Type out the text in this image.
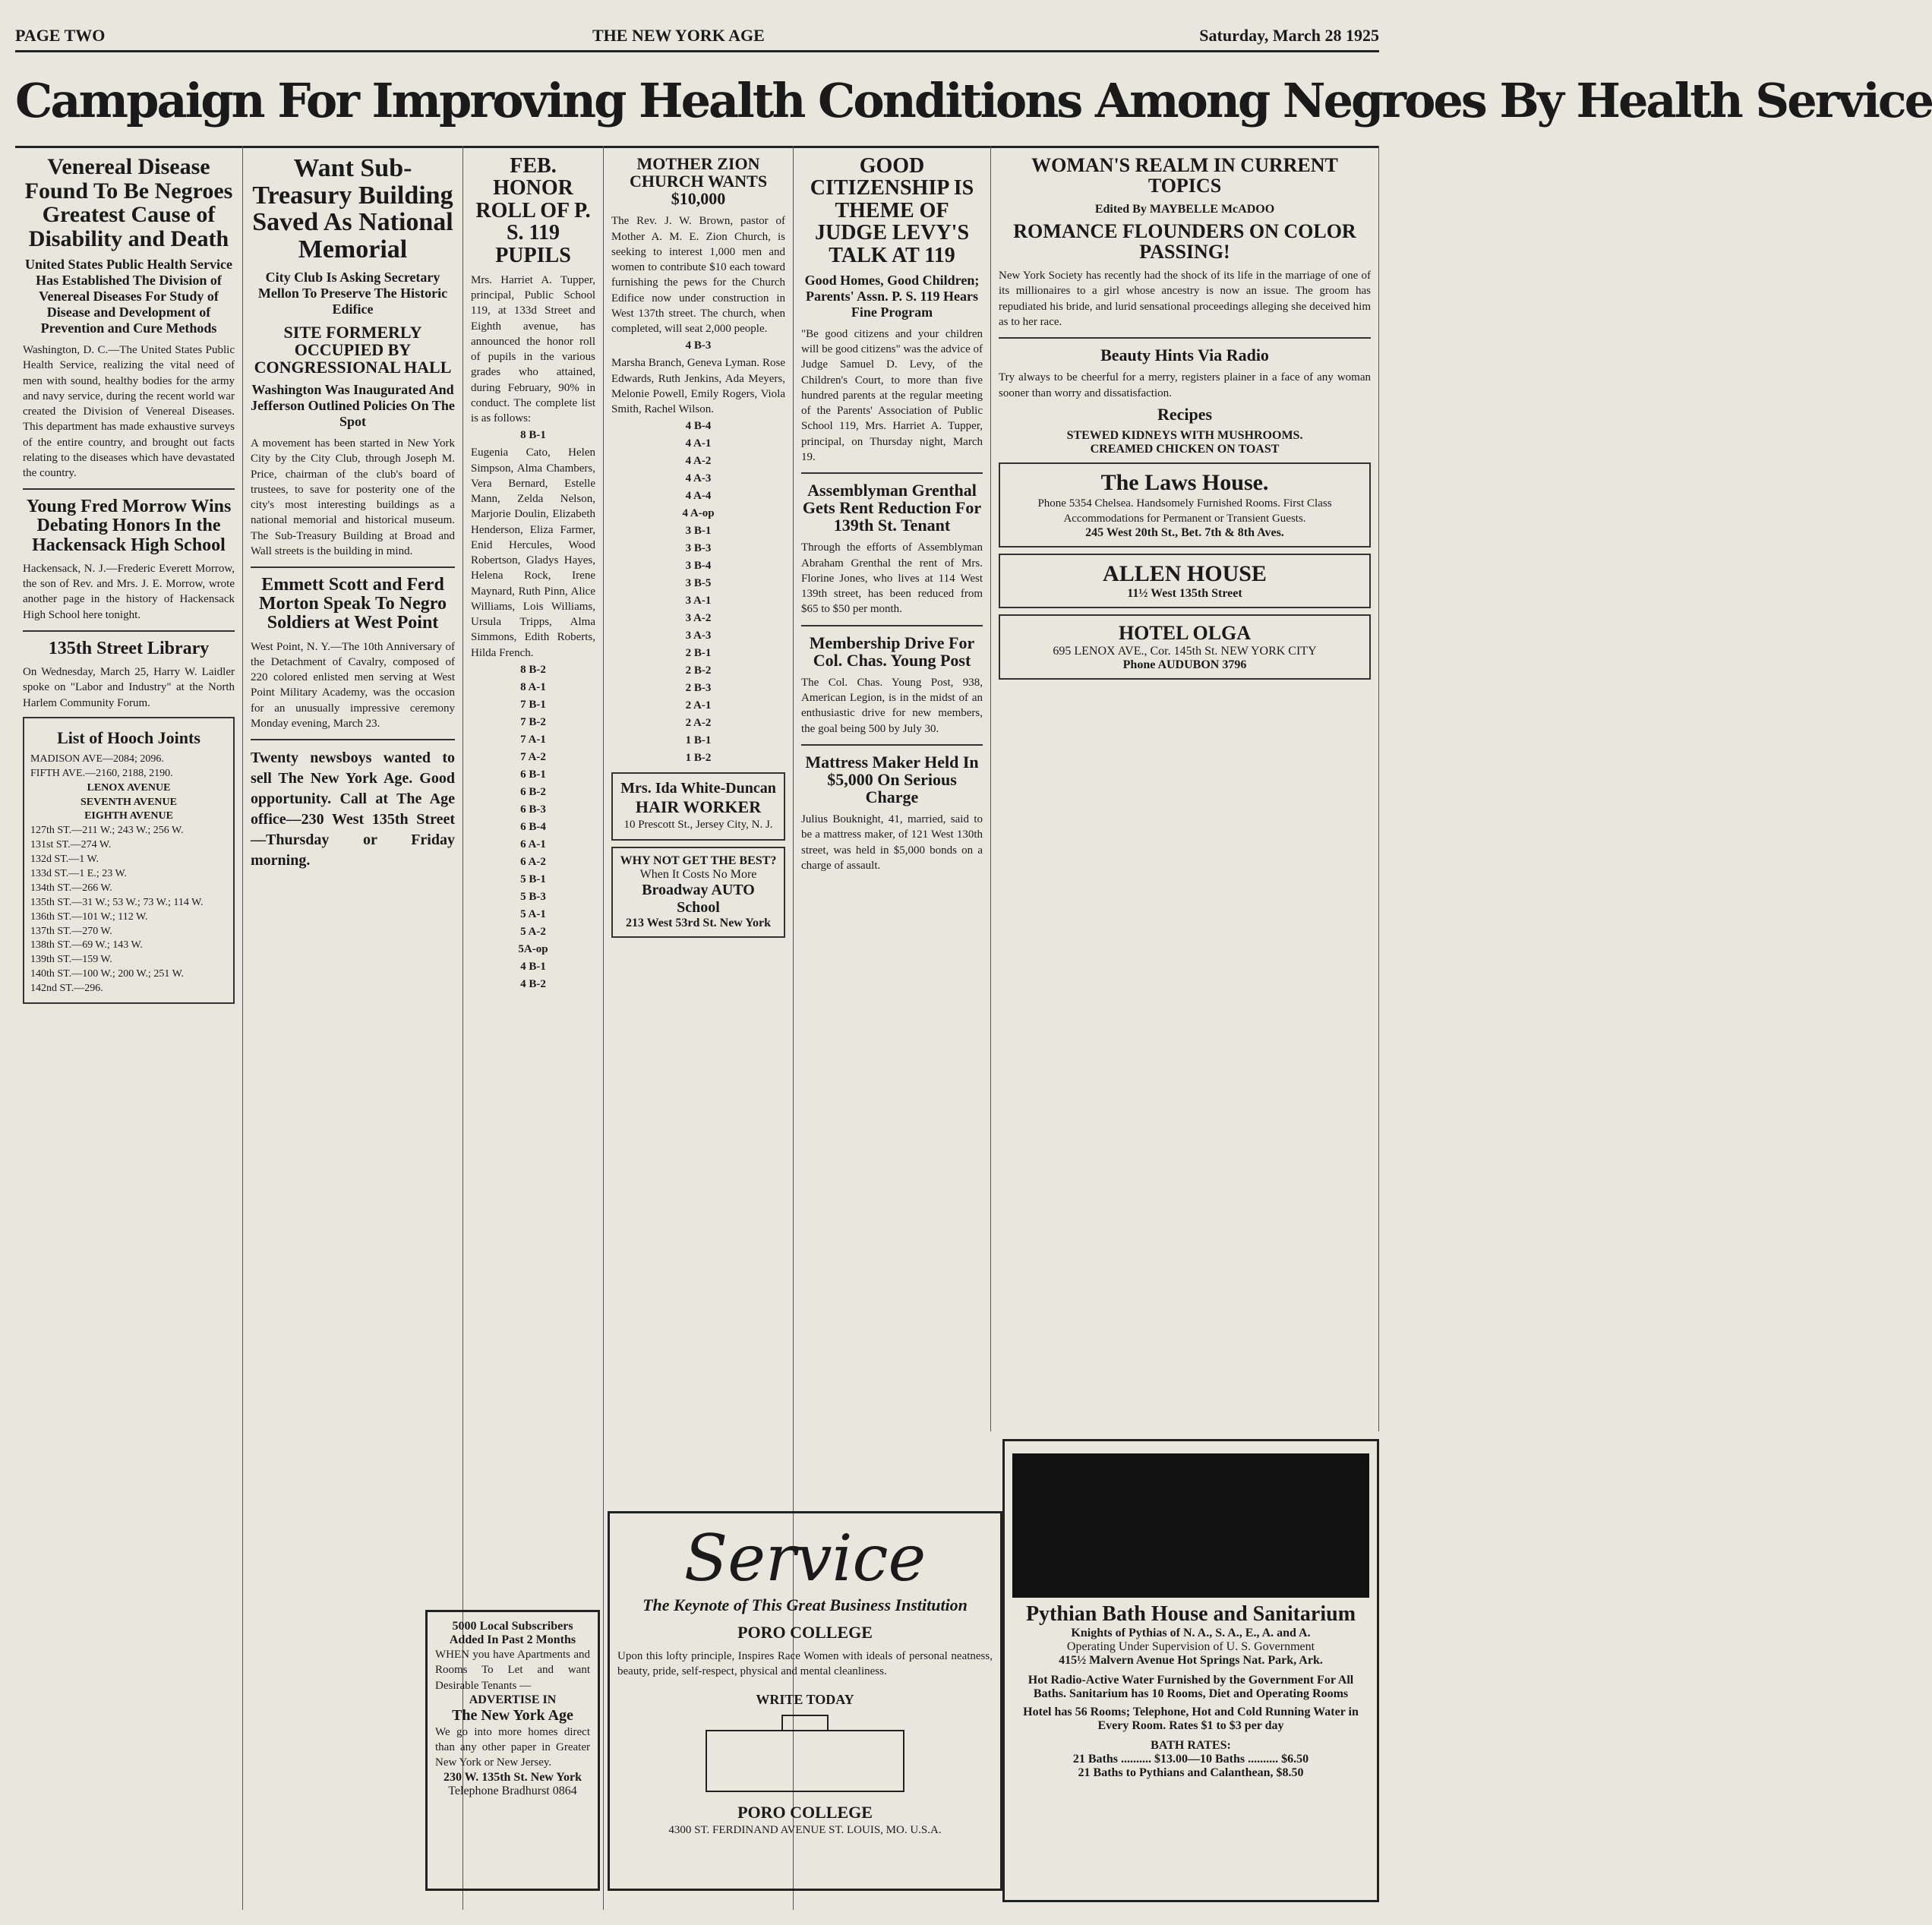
PAGE TWO	THE NEW YORK AGE	Saturday, March 28 1925
Campaign For Improving Health Conditions Among Negroes By Health Service
Venereal Disease Found To Be Negroes Greatest Cause of Disability and Death
United States Public Health Service Has Established The Division of Venereal Diseases For Study of Disease and Development of Prevention and Cure Methods
Washington, D. C.—The United States Public Health Service, realizing the vital need of men with sound, healthy bodies for the army and navy service, during the recent world war created the Division of Venereal Diseases. This department has made exhaustive surveys of the entire country, and brought out facts relating to the diseases which have devastated the country.
Young Fred Morrow Wins Debating Honors In the Hackensack High School
Hackensack, N. J.—Frederic Everett Morrow, the son of Rev. and Mrs. J. E. Morrow, wrote another page in the history of Hackensack High School here tonight.
135th Street Library
On Wednesday, March 25, Harry W. Laidler spoke on "Labor and Industry" at the North Harlem Community Forum.
List of Hooch Joints
MADISON AVE—2084; 2096.
FIFTH AVE.—2160, 2188, 2190.
LENOX AVENUE
SEVENTH AVENUE
EIGHTH AVENUE
127th ST.—211 W.; 243 W.; 256 W.
131st ST.—274 W.
132d ST.—1 W.
133d ST.—1 E.; 23 W.
134th ST.—266 W.
135th ST.—31 W.; 53 W.; 73 W.; 114 W.
136th ST.—101 W.; 112 W.
137th ST.—270 W.
138th ST.—69 W.; 143 W.
139th ST.—159 W.
140th ST.—100 W.; 200 W.; 251 W.
142nd ST.—296.
Want Sub-Treasury Building Saved As National Memorial
City Club Is Asking Secretary Mellon To Preserve The Historic Edifice
SITE FORMERLY OCCUPIED BY CONGRESSIONAL HALL
Washington Was Inaugurated And Jefferson Outlined Policies On The Spot
A movement has been started in New York City by the City Club, through Joseph M. Price, chairman of the club's board of trustees, to save for posterity one of the city's most interesting buildings as a national memorial and historical museum. The Sub-Treasury Building at Broad and Wall streets is the building in mind.
Emmett Scott and Ferd Morton Speak To Negro Soldiers at West Point
West Point, N. Y.—The 10th Anniversary of the Detachment of Cavalry, composed of 220 colored enlisted men serving at West Point Military Academy, was the occasion for an unusually impressive ceremony Monday evening, March 23.
Twenty newsboys wanted to sell The New York Age. Good opportunity. Call at The Age office—230 West 135th Street—Thursday or Friday morning.
FEB. HONOR ROLL OF P. S. 119 PUPILS
Mrs. Harriet A. Tupper, principal, Public School 119, at 133d Street and Eighth avenue, has announced the honor roll of pupils in the various grades who attained, during February, 90% in conduct. The complete list is as follows:
8 B-1
Eugenia Cato, Helen Simpson, Alma Chambers, Vera Bernard, Estelle Mann, Zelda Nelson, Marjorie Doulin, Elizabeth Henderson, Eliza Farmer, Enid Hercules, Wood Robertson, Gladys Hayes, Helena Rock, Irene Maynard, Ruth Pinn, Alice Williams, Lois Williams, Ursula Tripps, Alma Simmons, Edith Roberts, Hilda French.
8 B-2
8 A-1
7 B-1
7 B-2
7 A-1
7 A-2
6 B-1
6 B-2
6 B-3
6 B-4
6 A-1
6 A-2
5 B-1
5 B-3
5 A-1
5 A-2
5A-op
4 B-1
4 B-2
MOTHER ZION CHURCH WANTS $10,000
The Rev. J. W. Brown, pastor of Mother A. M. E. Zion Church, is seeking to interest 1,000 men and women to contribute $10 each toward furnishing the pews for the Church Edifice now under construction in West 137th street. The church, when completed, will seat 2,000 people.
4 B-3
Marsha Branch, Geneva Lyman. Rose Edwards, Ruth Jenkins, Ada Meyers, Melonie Powell, Emily Rogers, Viola Smith, Rachel Wilson.
4 B-4
4 A-1
4 A-2
4 A-3
4 A-4
4 A-op
3 B-1
3 B-3
3 B-4
3 B-5
3 A-1
3 A-2
3 A-3
2 B-1
2 B-2
2 B-3
2 A-1
2 A-2
1 B-1
1 B-2
Mrs. Ida White-Duncan
HAIR WORKER
10 Prescott St., Jersey City, N. J.
WHY NOT GET THE BEST?
When It Costs No More
Broadway AUTO School
213 West 53rd St. New York
GOOD CITIZENSHIP IS THEME OF JUDGE LEVY'S TALK AT 119
Good Homes, Good Children; Parents' Assn. P. S. 119 Hears Fine Program
"Be good citizens and your children will be good citizens" was the advice of Judge Samuel D. Levy, of the Children's Court, to more than five hundred parents at the regular meeting of the Parents' Association of Public School 119, Mrs. Harriet A. Tupper, principal, on Thursday night, March 19.
Assemblyman Grenthal Gets Rent Reduction For 139th St. Tenant
Through the efforts of Assemblyman Abraham Grenthal the rent of Mrs. Florine Jones, who lives at 114 West 139th street, has been reduced from $65 to $50 per month.
Membership Drive For Col. Chas. Young Post
The Col. Chas. Young Post, 938, American Legion, is in the midst of an enthusiastic drive for new members, the goal being 500 by July 30.
Mattress Maker Held In $5,000 On Serious Charge
Julius Bouknight, 41, married, said to be a mattress maker, of 121 West 130th street, was held in $5,000 bonds on a charge of assault.
WOMAN'S REALM IN CURRENT TOPICS
Edited By MAYBELLE McADOO
ROMANCE FLOUNDERS ON COLOR PASSING!
New York Society has recently had the shock of its life in the marriage of one of its millionaires to a girl whose ancestry is now an issue. The groom has repudiated his bride, and lurid sensational proceedings alleging she deceived him as to her race.
Beauty Hints Via Radio
Try always to be cheerful for a merry, registers plainer in a face of any woman sooner than worry and dissatisfaction.
Recipes
STEWED KIDNEYS WITH MUSHROOMS.
CREAMED CHICKEN ON TOAST
The Laws House.
Phone 5354 Chelsea. Handsomely Furnished Rooms. First Class Accommodations for Permanent or Transient Guests.
245 West 20th St., Bet. 7th & 8th Aves.
ALLEN HOUSE
11½ West 135th Street
HOTEL OLGA
695 LENOX AVE., Cor. 145th St. NEW YORK CITY
Phone AUDUBON 3796
Service
The Keynote of This Great Business Institution
PORO COLLEGE
Upon this lofty principle, Inspires Race Women with ideals of personal neatness, beauty, pride, self-respect, physical and mental cleanliness.
WRITE TODAY
PORO COLLEGE
4300 ST. FERDINAND AVENUE ST. LOUIS, MO. U.S.A.
5000 Local Subscribers Added In Past 2 Months
WHEN you have Apartments and Rooms To Let and want Desirable Tenants —
ADVERTISE IN
The New York Age
We go into more homes direct than any other paper in Greater New York or New Jersey.
230 W. 135th St. New York
Telephone Bradhurst 0864
Pythian Bath House and Sanitarium
Knights of Pythias of N. A., S. A., E., A. and A.
Operating Under Supervision of U. S. Government
415½ Malvern Avenue Hot Springs Nat. Park, Ark.
Hot Radio-Active Water Furnished by the Government For All Baths. Sanitarium has 10 Rooms, Diet and Operating Rooms
Hotel has 56 Rooms; Telephone, Hot and Cold Running Water in Every Room. Rates $1 to $3 per day
BATH RATES:
21 Baths .......... $13.00—10 Baths .......... $6.50
21 Baths to Pythians and Calanthean, $8.50
